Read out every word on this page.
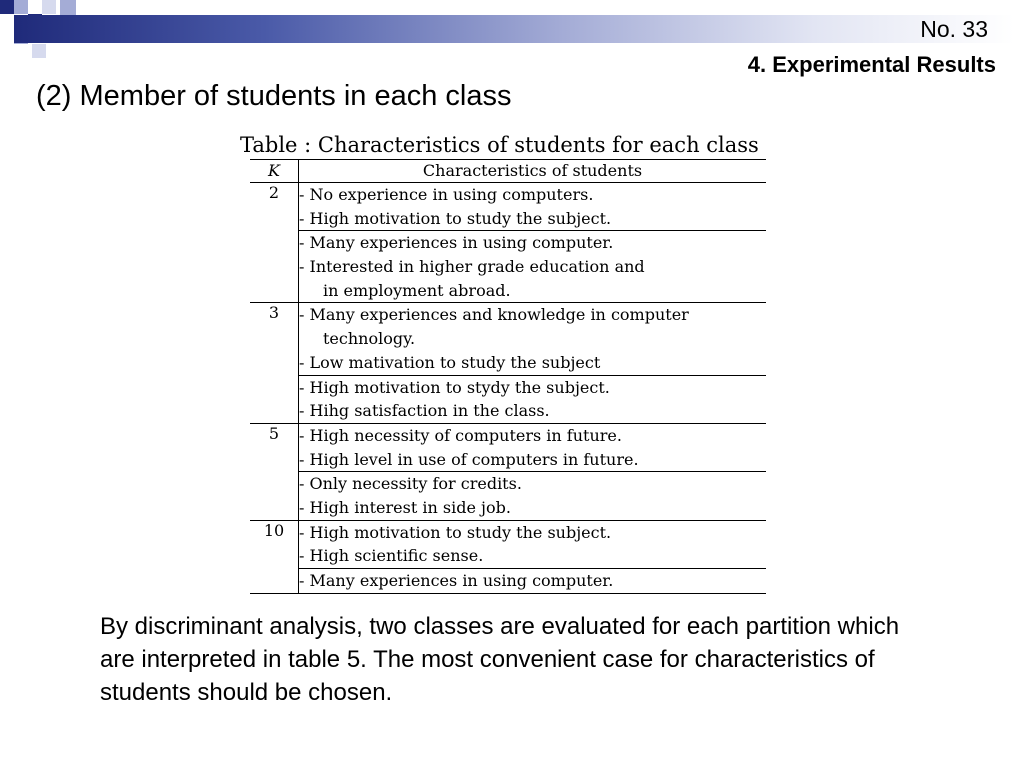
No. 33
4. Experimental Results
(2) Member of students in each class
Table : Characteristics of students for each class
K	Characteristics of students
2	- No experience in using computers.
- High motivation to study the subject.

	- Many experiences in using computer.
- Interested in higher grade education and
in employment abroad.

3	- Many experiences and knowledge in computer
technology.
- Low mativation to study the subject

	- High motivation to stydy the subject.
- Hihg satisfaction in the class.

5	- High necessity of computers in future.
- High level in use of computers in future.

	- Only necessity for credits.
- High interest in side job.

10	- High motivation to study the subject.
- High scientific sense.

	- Many experiences in using computer.
By discriminant analysis, two classes are evaluated for each partition which are interpreted in table 5. The most convenient case for characteristics of students should be chosen.
